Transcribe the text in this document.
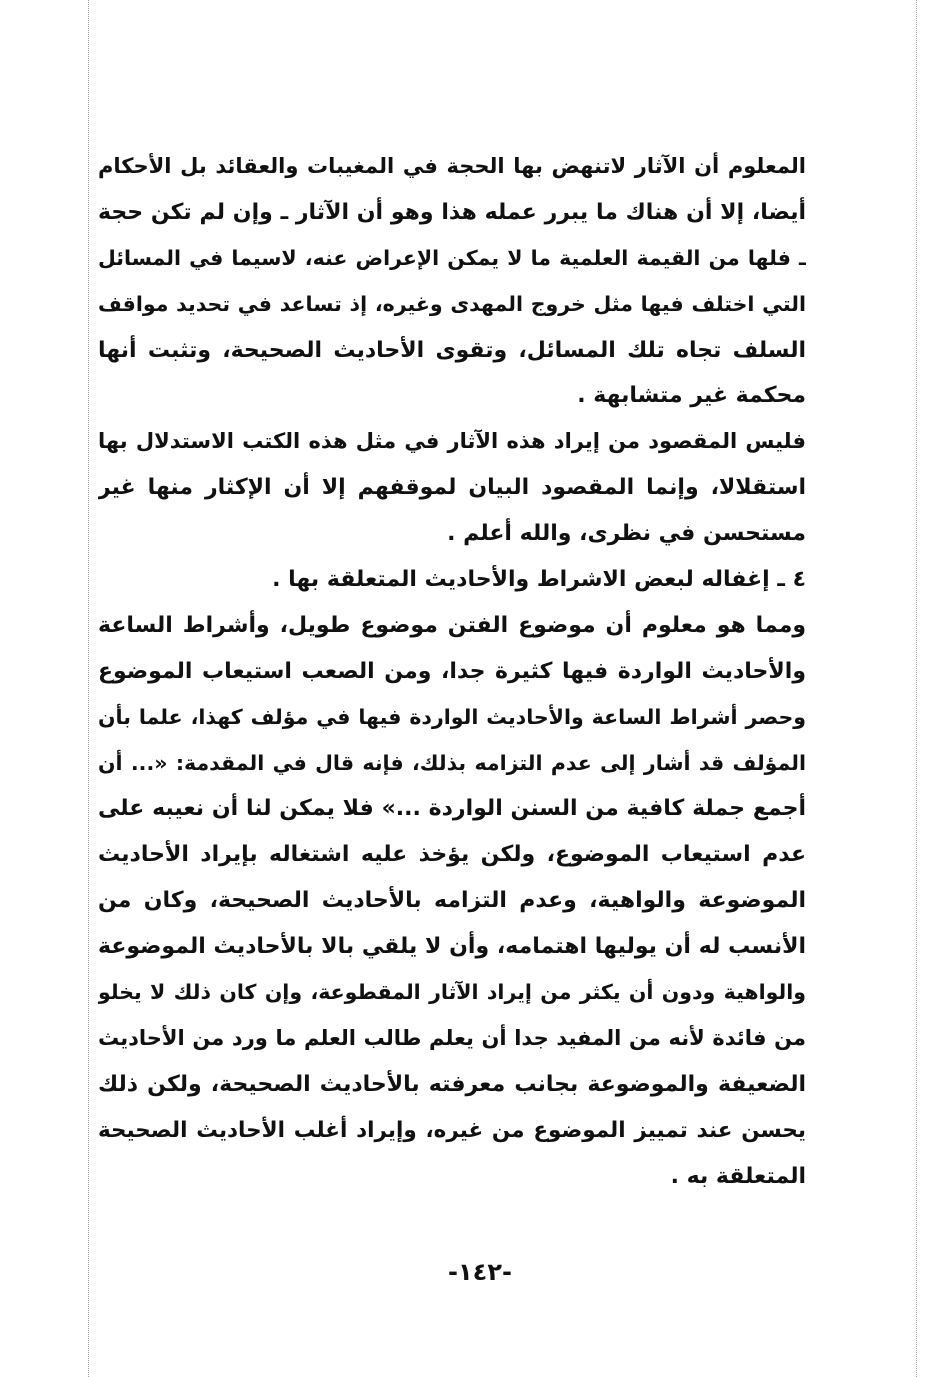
المعلوم أن الآثار لاتنهض بها الحجة في المغيبات والعقائد بل الأحكام
أيضا، إلا أن هناك ما يبرر عمله هذا وهو أن الآثار ـ وإن لم تكن حجة
ـ فلها من القيمة العلمية ما لا يمكن الإعراض عنه، لاسيما في المسائل
التي اختلف فيها مثل خروج المهدى وغيره، إذ تساعد في تحديد مواقف
السلف تجاه تلك المسائل، وتقوى الأحاديث الصحيحة، وتثبت أنها
محكمة غير متشابهة .
فليس المقصود من إيراد هذه الآثار في مثل هذه الكتب الاستدلال بها
استقلالا، وإنما المقصود البيان لموقفهم إلا أن الإكثار منها غير
مستحسن في نظرى، والله أعلم .
٤ ـ إغفاله لبعض الاشراط والأحاديث المتعلقة بها .
ومما هو معلوم أن موضوع الفتن موضوع طويل، وأشراط الساعة
والأحاديث الواردة فيها كثيرة جدا، ومن الصعب استيعاب الموضوع
وحصر أشراط الساعة والأحاديث الواردة فيها في مؤلف كهذا، علما بأن
المؤلف قد أشار إلى عدم التزامه بذلك، فإنه قال في المقدمة: «... أن
أجمع جملة كافية من السنن الواردة ...» فلا يمكن لنا أن نعيبه على
عدم استيعاب الموضوع، ولكن يؤخذ عليه اشتغاله بإيراد الأحاديث
الموضوعة والواهية، وعدم التزامه بالأحاديث الصحيحة، وكان من
الأنسب له أن يوليها اهتمامه، وأن لا يلقي بالا بالأحاديث الموضوعة
والواهية ودون أن يكثر من إيراد الآثار المقطوعة، وإن كان ذلك لا يخلو
من فائدة لأنه من المفيد جدا أن يعلم طالب العلم ما ورد من الأحاديث
الضعيفة والموضوعة بجانب معرفته بالأحاديث الصحيحة، ولكن ذلك
يحسن عند تمييز الموضوع من غيره، وإيراد أغلب الأحاديث الصحيحة
المتعلقة به .
-١٤٢-
